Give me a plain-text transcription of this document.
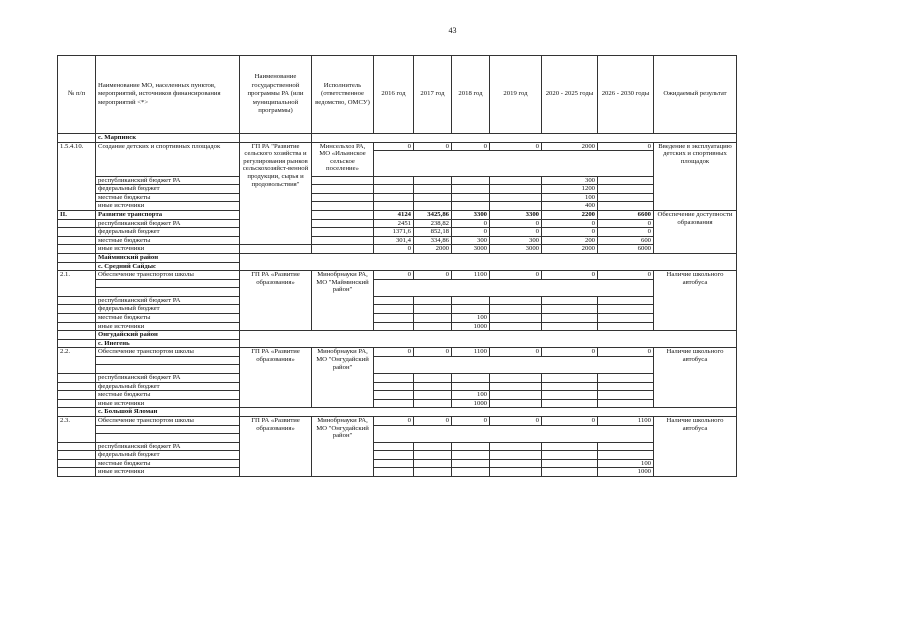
43
№ п/п	Наименование МО, населенных пунктов, мероприятий, источников финансирования мероприятий <*>	Наименование государственной программы РА (или муниципальной программы)	Исполнитель (ответственное ведомство, ОМСУ)	2016 год	2017 год	2018 год	2019 год	2020 - 2025 годы	2026 - 2030 годы	Ожидаемый результат
	с. Марпинск									
1.5.4.10.	Создание детских и спортивных площадок	ГП РА "Развитие сельского хозяйства и регулирования рынков сельскохозяйст-венной продукции, сырья и продовольствия"	Минсельхоз РА, МО «Ильинское сельское поселение»	0	0	0	0	2000	0	Введение в эксплуатацию детских и спортивных площадок

	республиканский бюджет РА							300		
	федеральный бюджет							1200		
	местные бюджеты							100		
	иные источники							400		
II.	Развитие транспорта			4124	3425,86	3300	3300	2200	6600	Обеспечение доступности образования
	республиканский бюджет РА			2451	238,82	0	0	0	0	
	федеральный бюджет			1371,6	852,18	0	0	0	0	
	местные бюджеты			301,4	334,86	300	300	200	600	
	иные источники			0	2000	3000	3000	2000	6000	
	Майминский район									
	с. Средний Сайдыс									
2.1.	Обеспечение транспортом школы	ГП РА «Развитие образования»	Минобрнауки РА, МО "Майминский район"	0	0	1100	0	0	0	Наличие школьного автобуса

	республиканский бюджет РА									
	федеральный бюджет									
	местные бюджеты					100				
	иные источники					1000				
	Онгудайский район									
	с. Инегень									
2.2.	Обеспечение транспортом школы	ГП РА «Развитие образования»	Минобрнауки РА, МО "Онгудайский район"	0	0	1100	0	0	0	Наличие школьного автобуса

	республиканский бюджет РА									
	федеральный бюджет									
	местные бюджеты					100				
	иные источники					1000				
	с. Большой Яломан									
2.3.	Обеспечение транспортом школы	ГП РА «Развитие образования»	Минобрнауки РА, МО "Онгудайский район"	0	0	0	0	0	1100	Наличие школьного автобуса

	республиканский бюджет РА									
	федеральный бюджет									
	местные бюджеты								100	
	иные источники								1000	
